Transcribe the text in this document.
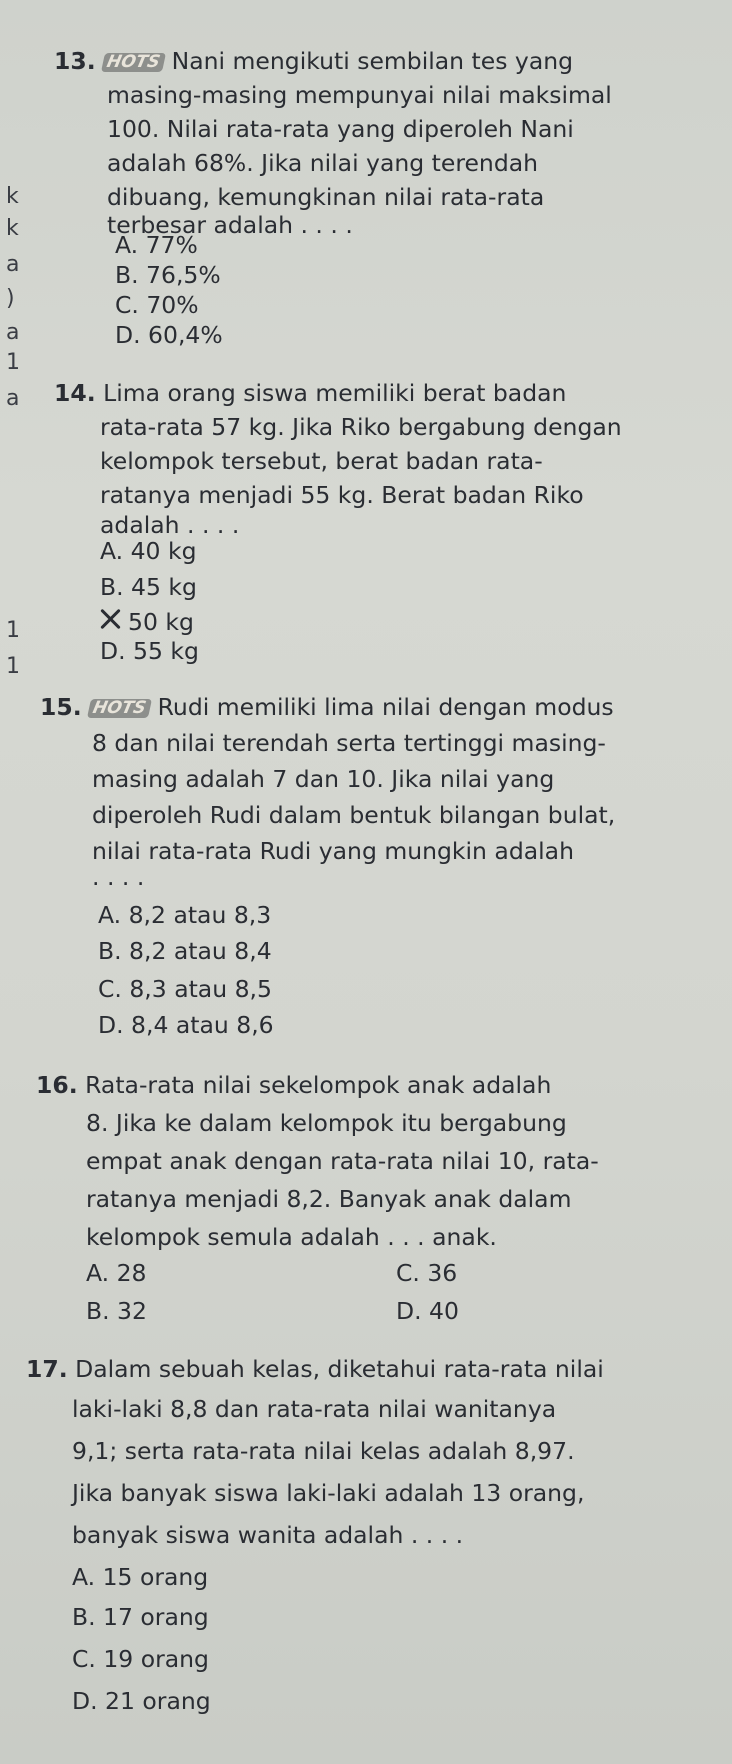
k
k
a
)
a
1
a
1
1
13. HOTS Nani mengikuti sembilan tes yang
masing-masing mempunyai nilai maksimal
100. Nilai rata-rata yang diperoleh Nani
adalah 68%. Jika nilai yang terendah
dibuang, kemungkinan nilai rata-rata
terbesar adalah . . . .
A. 77%
B. 76,5%
C. 70%
D. 60,4%
14. Lima orang siswa memiliki berat badan
rata-rata 57 kg. Jika Riko bergabung dengan
kelompok tersebut, berat badan rata-
ratanya menjadi 55 kg. Berat badan Riko
adalah . . . .
A. 40 kg
B. 45 kg
50 kg
D. 55 kg
15. HOTS Rudi memiliki lima nilai dengan modus
8 dan nilai terendah serta tertinggi masing-
masing adalah 7 dan 10. Jika nilai yang
diperoleh Rudi dalam bentuk bilangan bulat,
nilai rata-rata Rudi yang mungkin adalah
. . . .
A. 8,2 atau 8,3
B. 8,2 atau 8,4
C. 8,3 atau 8,5
D. 8,4 atau 8,6
16. Rata-rata nilai sekelompok anak adalah
8. Jika ke dalam kelompok itu bergabung
empat anak dengan rata-rata nilai 10, rata-
ratanya menjadi 8,2. Banyak anak dalam
kelompok semula adalah . . . anak.
A. 28	C. 36
B. 32	D. 40
17. Dalam sebuah kelas, diketahui rata-rata nilai
laki-laki 8,8 dan rata-rata nilai wanitanya
9,1; serta rata-rata nilai kelas adalah 8,97.
Jika banyak siswa laki-laki adalah 13 orang,
banyak siswa wanita adalah . . . .
A. 15 orang
B. 17 orang
C. 19 orang
D. 21 orang
